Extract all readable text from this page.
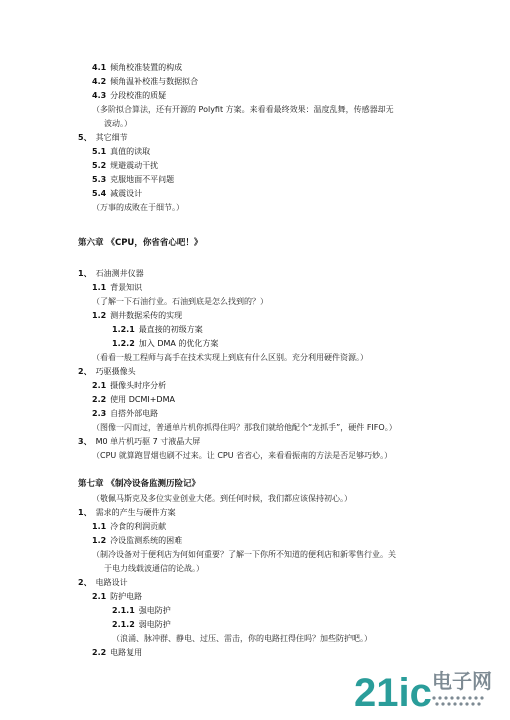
4.1 倾角校准装置的构成
4.2 倾角温补校准与数据拟合
4.3 分段校准的质疑
（多阶拟合算法，还有开源的 Polyfit 方案。来看看最终效果：温度乱舞，传感器却无
波动。）
5、 其它细节
5.1 真值的读取
5.2 规避震动干扰
5.3 克服地面不平问题
5.4 减震设计
（万事的成败在于细节。）
第六章 《CPU，你省省心吧！》
1、 石油测井仪器
1.1 背景知识
（了解一下石油行业。石油到底是怎么找到的？）
1.2 测井数据采传的实现
1.2.1 最直接的初级方案
1.2.2 加入 DMA 的优化方案
（看看一般工程师与高手在技术实现上到底有什么区别。充分利用硬件资源。）
2、 巧驱摄像头
2.1 摄像头时序分析
2.2 使用 DCMI+DMA
2.3 自搭外部电路
（图像一闪而过，普通单片机你抓得住吗？那我们就给他配个“龙抓手”，硬件 FIFO。）
3、 M0 单片机巧驱 7 寸液晶大屏
（CPU 就算跑冒烟也刷不过来。让 CPU 省省心，来看看振南的方法是否足够巧妙。）
第七章 《制冷设备监测历险记》
（敬佩马斯克及多位实业创业大佬。到任何时候，我们都应该保持初心。）
1、 需求的产生与硬件方案
1.1 冷食的利润贡献
1.2 冷设监测系统的困难
（制冷设备对于便利店为何如何重要？了解一下你所不知道的便利店和新零售行业。关
于电力线载波通信的论战。）
2、 电路设计
2.1 防护电路
2.1.1 强电防护
2.1.2 弱电防护
（浪涌、脉冲群、静电、过压、雷击，你的电路扛得住吗？加些防护吧。）
2.2 电路复用
21ic 电子网
